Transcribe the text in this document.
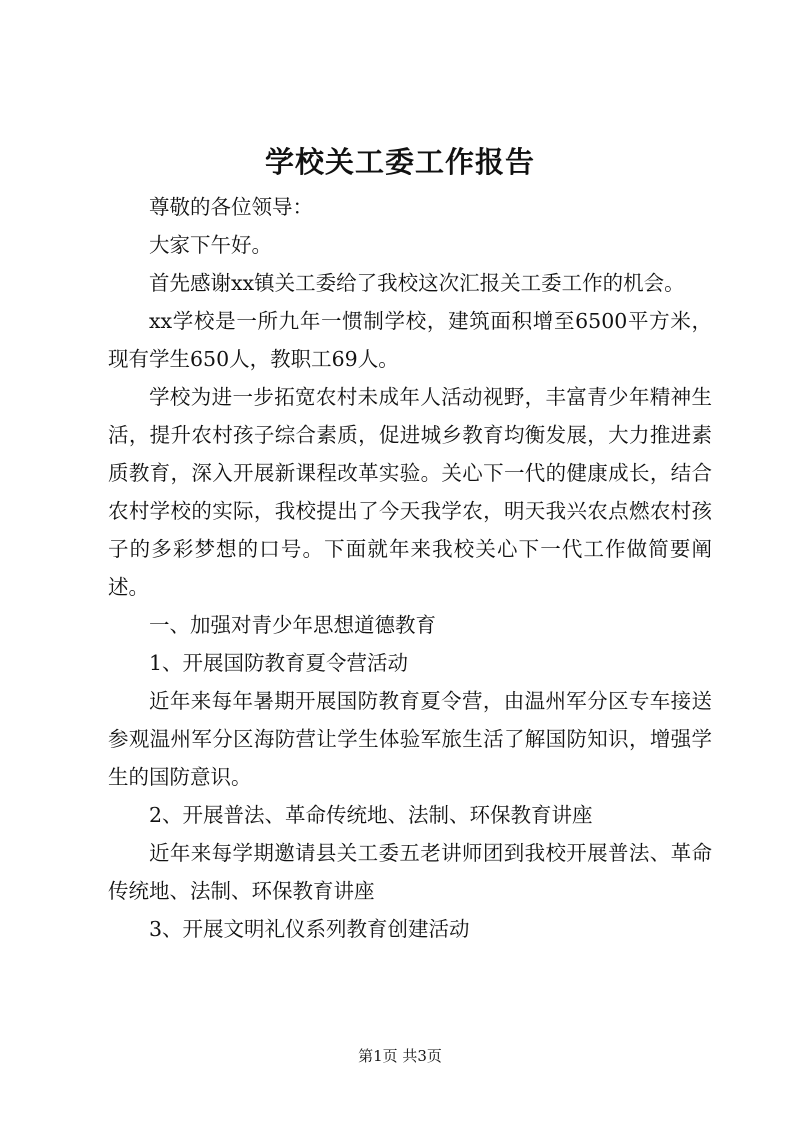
学校关工委工作报告

尊敬的各位领导：

大家下午好。

首先感谢xx镇关工委给了我校这次汇报关工委工作的机会。

xx学校是一所九年一惯制学校，建筑面积增至6500平方米，现有学生650人，教职工69人。

学校为进一步拓宽农村未成年人活动视野，丰富青少年精神生活，提升农村孩子综合素质，促进城乡教育均衡发展，大力推进素质教育，深入开展新课程改革实验。关心下一代的健康成长，结合农村学校的实际，我校提出了今天我学农，明天我兴农点燃农村孩子的多彩梦想的口号。下面就年来我校关心下一代工作做简要阐述。

一、加强对青少年思想道德教育

1、开展国防教育夏令营活动

近年来每年暑期开展国防教育夏令营，由温州军分区专车接送参观温州军分区海防营让学生体验军旅生活了解国防知识，增强学生的国防意识。

2、开展普法、革命传统地、法制、环保教育讲座

近年来每学期邀请县关工委五老讲师团到我校开展普法、革命传统地、法制、环保教育讲座

3、开展文明礼仪系列教育创建活动

第1页 共3页
